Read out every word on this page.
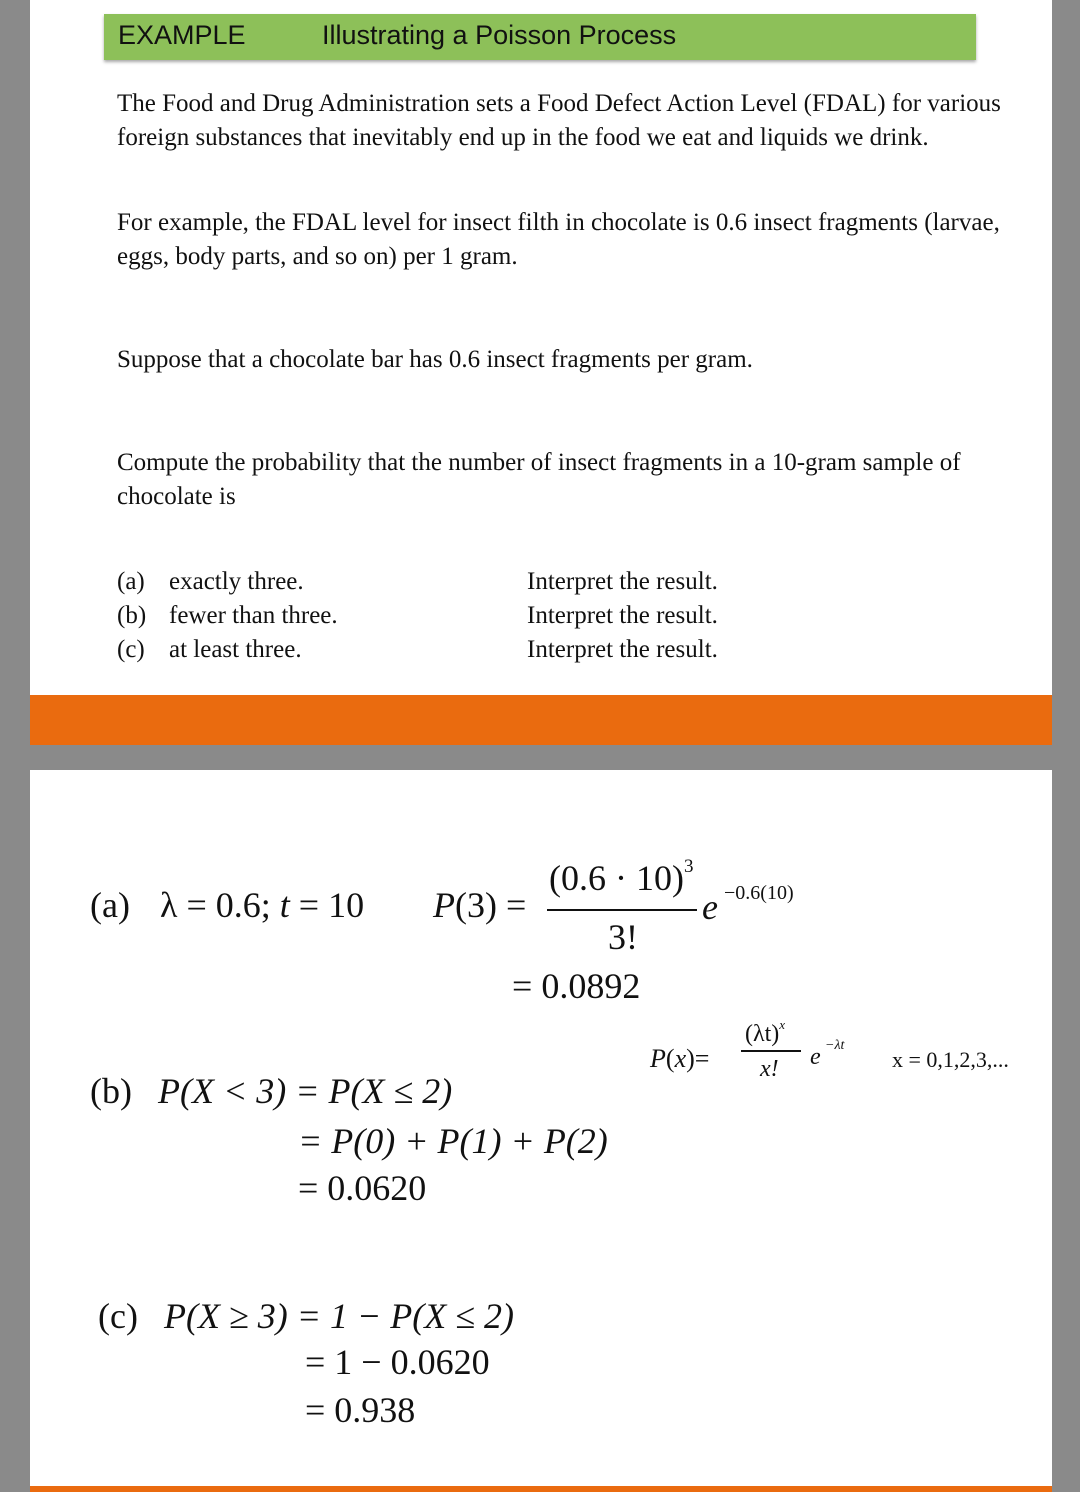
EXAMPLE	Illustrating a Poisson Process

The Food and Drug Administration sets a Food Defect Action Level (FDAL) for various foreign substances that inevitably end up in the food we eat and liquids we drink.

For example, the FDAL level for insect filth in chocolate is 0.6 insect fragments (larvae, eggs, body parts, and so on) per 1 gram.

Suppose that a chocolate bar has 0.6 insect fragments per gram.

Compute the probability that the number of insect fragments in a 10-gram sample of chocolate is

(a) exactly three.	Interpret the result.
(b) fewer than three.	Interpret the result.
(c) at least three.	Interpret the result.
(a) λ = 0.6; t = 10 P(3) =
$(0.6 \cdot 10)^3$
3!
e −0.6(10)
= 0.0892
P(x)=
$(\lambda t)^x$
x! e −λt
x = 0,1,2,3,...
(b) P(X < 3) = P(X ≤ 2)
= P(0) + P(1) + P(2)
= 0.0620
(c) P(X ≥ 3) = 1 − P(X ≤ 2)
= 1 − 0.0620
= 0.938
